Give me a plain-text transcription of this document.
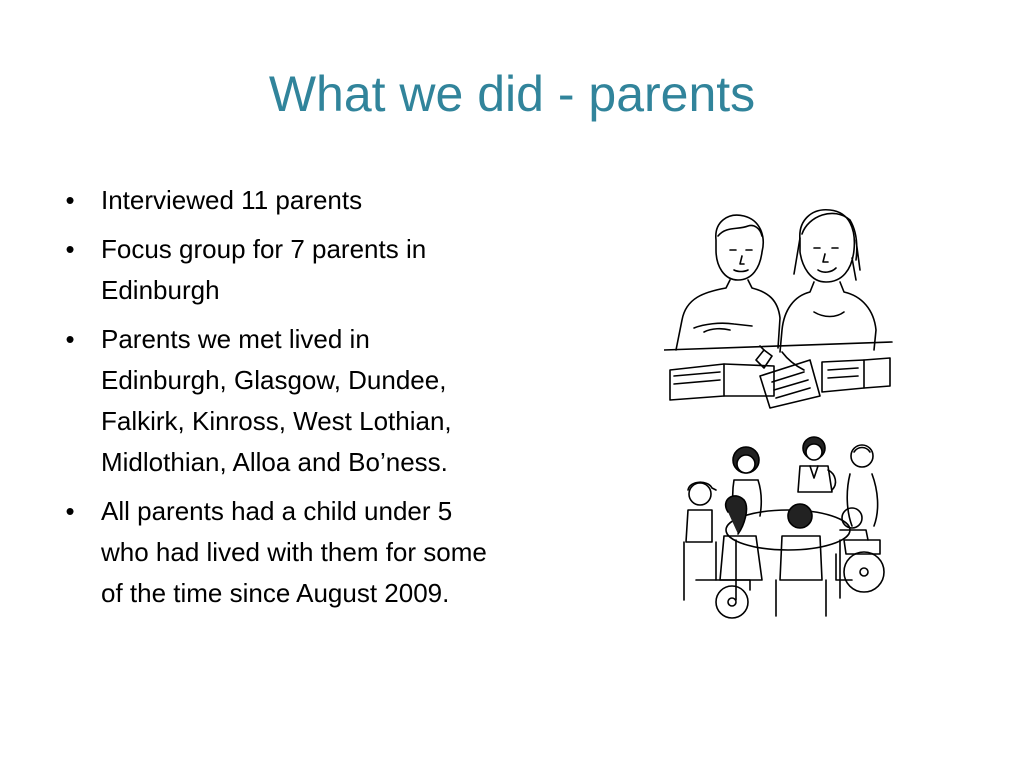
What we did - parents
• Interviewed 11 parents
• Focus group for 7 parents in Edinburgh
• Parents we met lived in Edinburgh, Glasgow, Dundee, Falkirk, Kinross, West Lothian, Midlothian, Alloa and Bo’ness.
• All parents had a child under 5 who had lived with them for some of the time since August 2009.
